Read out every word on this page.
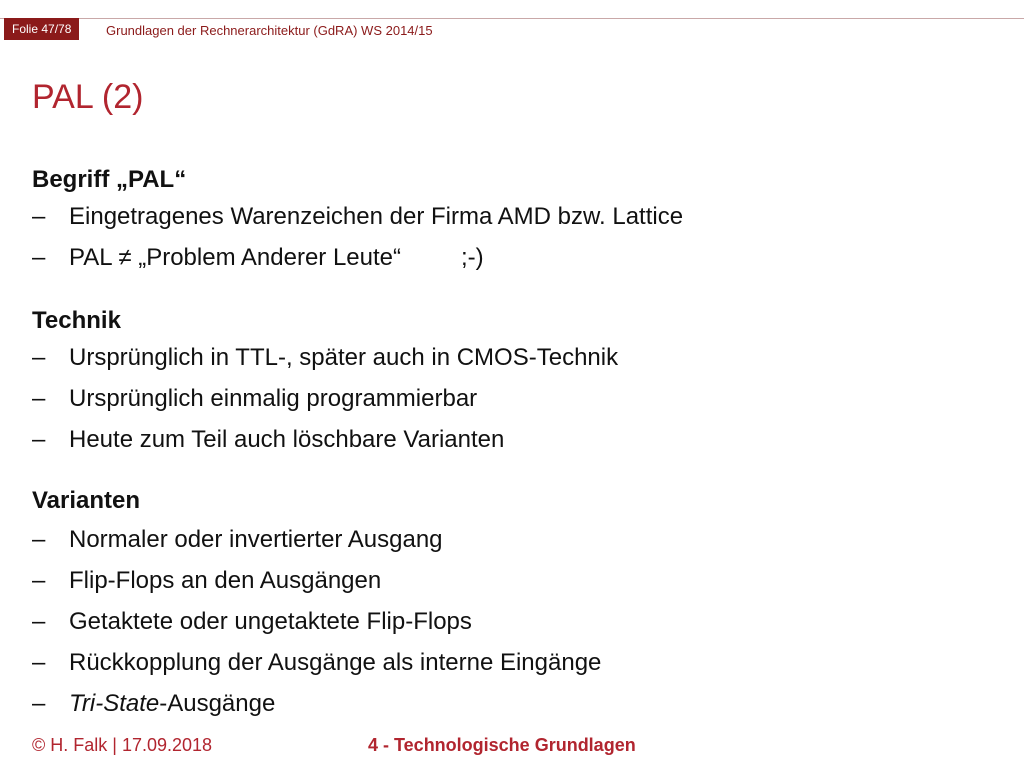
Folie 47/78	Grundlagen der Rechnerarchitektur (GdRA) WS 2014/15
PAL (2)
Begriff „PAL“
– Eingetragenes Warenzeichen der Firma AMD bzw. Lattice
– PAL ≠ „Problem Anderer Leute“	;-)
Technik
– Ursprünglich in TTL-, später auch in CMOS-Technik
– Ursprünglich einmalig programmierbar
– Heute zum Teil auch löschbare Varianten
Varianten
– Normaler oder invertierter Ausgang
– Flip-Flops an den Ausgängen
– Getaktete oder ungetaktete Flip-Flops
– Rückkopplung der Ausgänge als interne Eingänge
– Tri-State-Ausgänge
© H. Falk | 17.09.2018	4 - Technologische Grundlagen
